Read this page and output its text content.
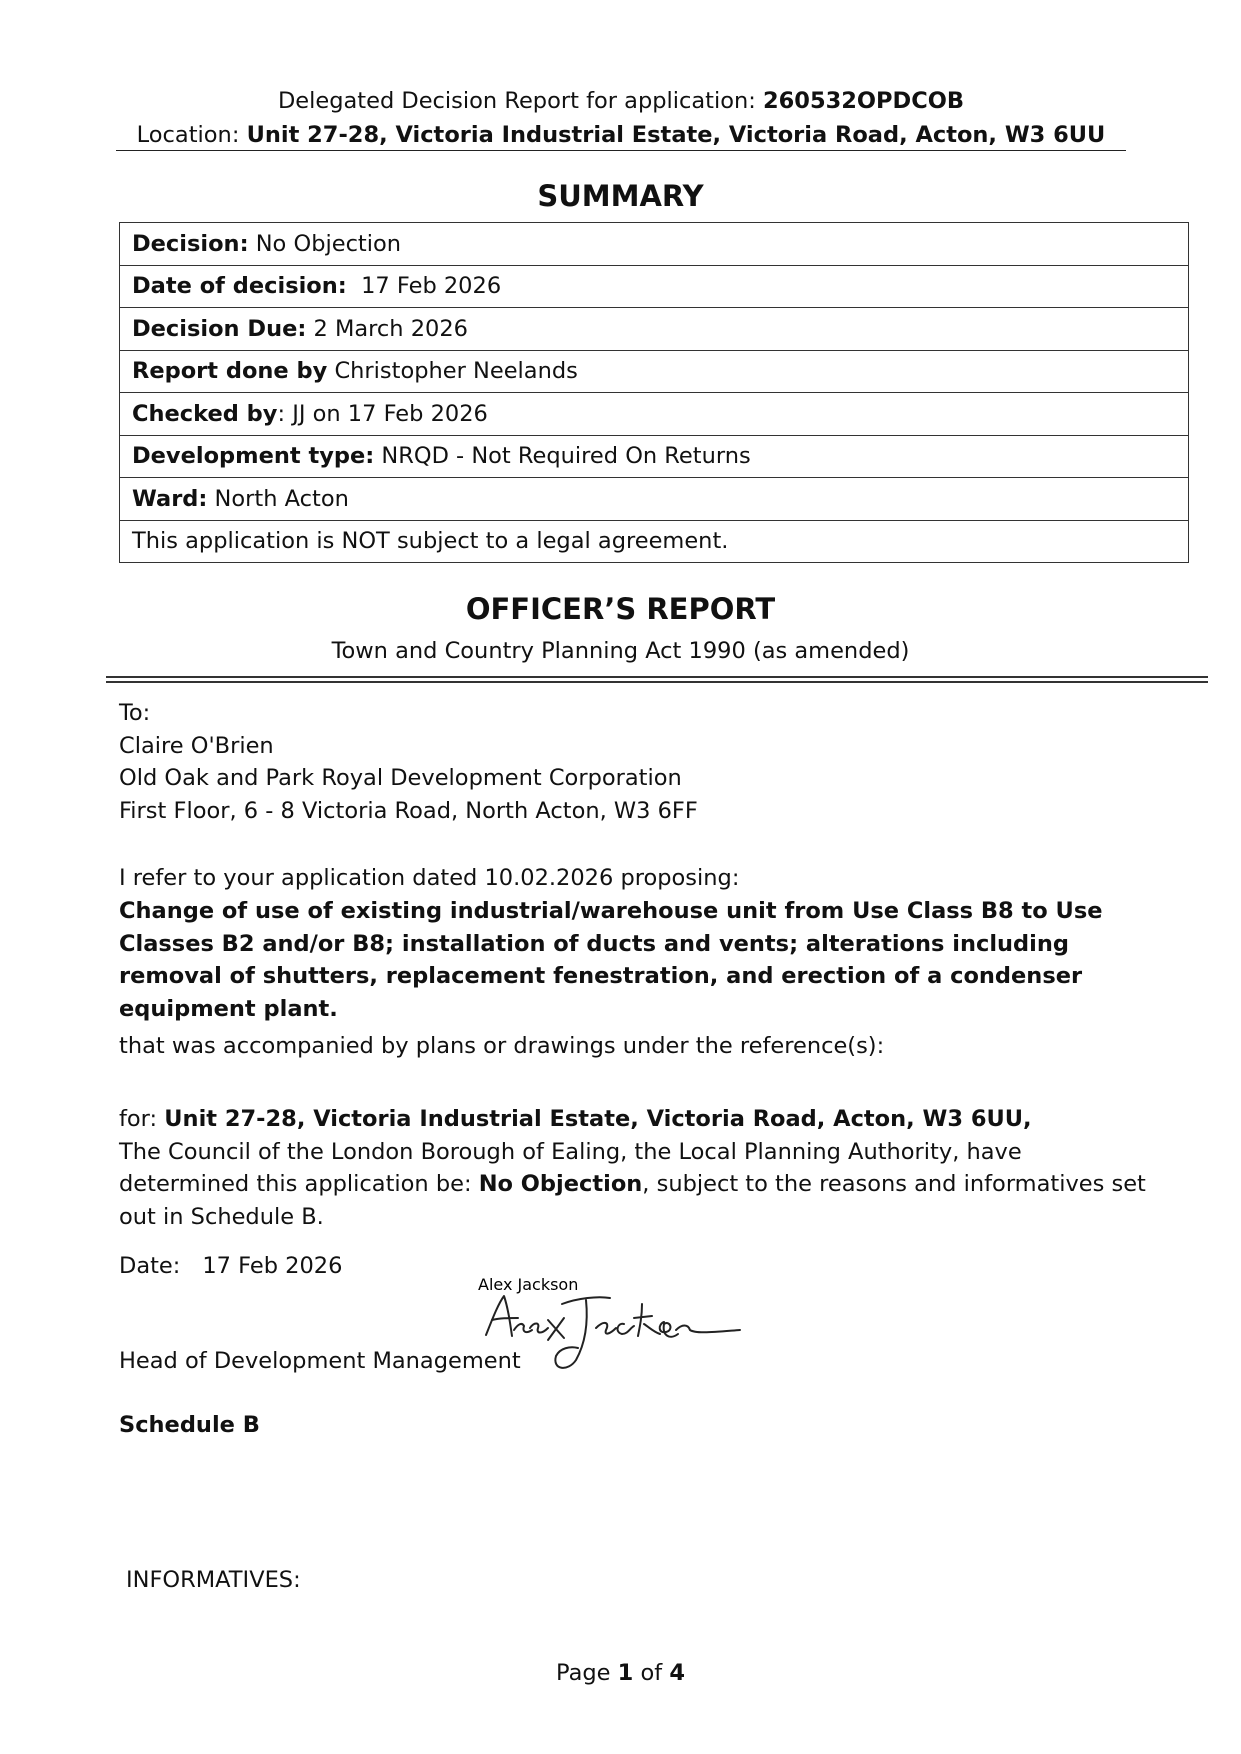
Delegated Decision Report for application: 260532OPDCOB
Location: Unit 27-28, Victoria Industrial Estate, Victoria Road, Acton, W3 6UU
SUMMARY
Decision: No Objection
Date of decision:  17 Feb 2026
Decision Due: 2 March 2026
Report done by Christopher Neelands
Checked by: JJ on 17 Feb 2026
Development type: NRQD - Not Required On Returns
Ward: North Acton
This application is NOT subject to a legal agreement.
OFFICER’S REPORT
Town and Country Planning Act 1990 (as amended)
To:
Claire O'Brien
Old Oak and Park Royal Development Corporation
First Floor, 6 - 8 Victoria Road, North Acton, W3 6FF
I refer to your application dated 10.02.2026 proposing:
Change of use of existing industrial/warehouse unit from Use Class B8 to Use Classes B2 and/or B8; installation of ducts and vents; alterations including removal of shutters, replacement fenestration, and erection of a condenser equipment plant.
that was accompanied by plans or drawings under the reference(s):
for: Unit 27-28, Victoria Industrial Estate, Victoria Road, Acton, W3 6UU,
The Council of the London Borough of Ealing, the Local Planning Authority, have determined this application be: No Objection, subject to the reasons and informatives set out in Schedule B.
Date: 17 Feb 2026
Alex Jackson
Head of Development Management
Schedule B
INFORMATIVES:
Page 1 of 4
